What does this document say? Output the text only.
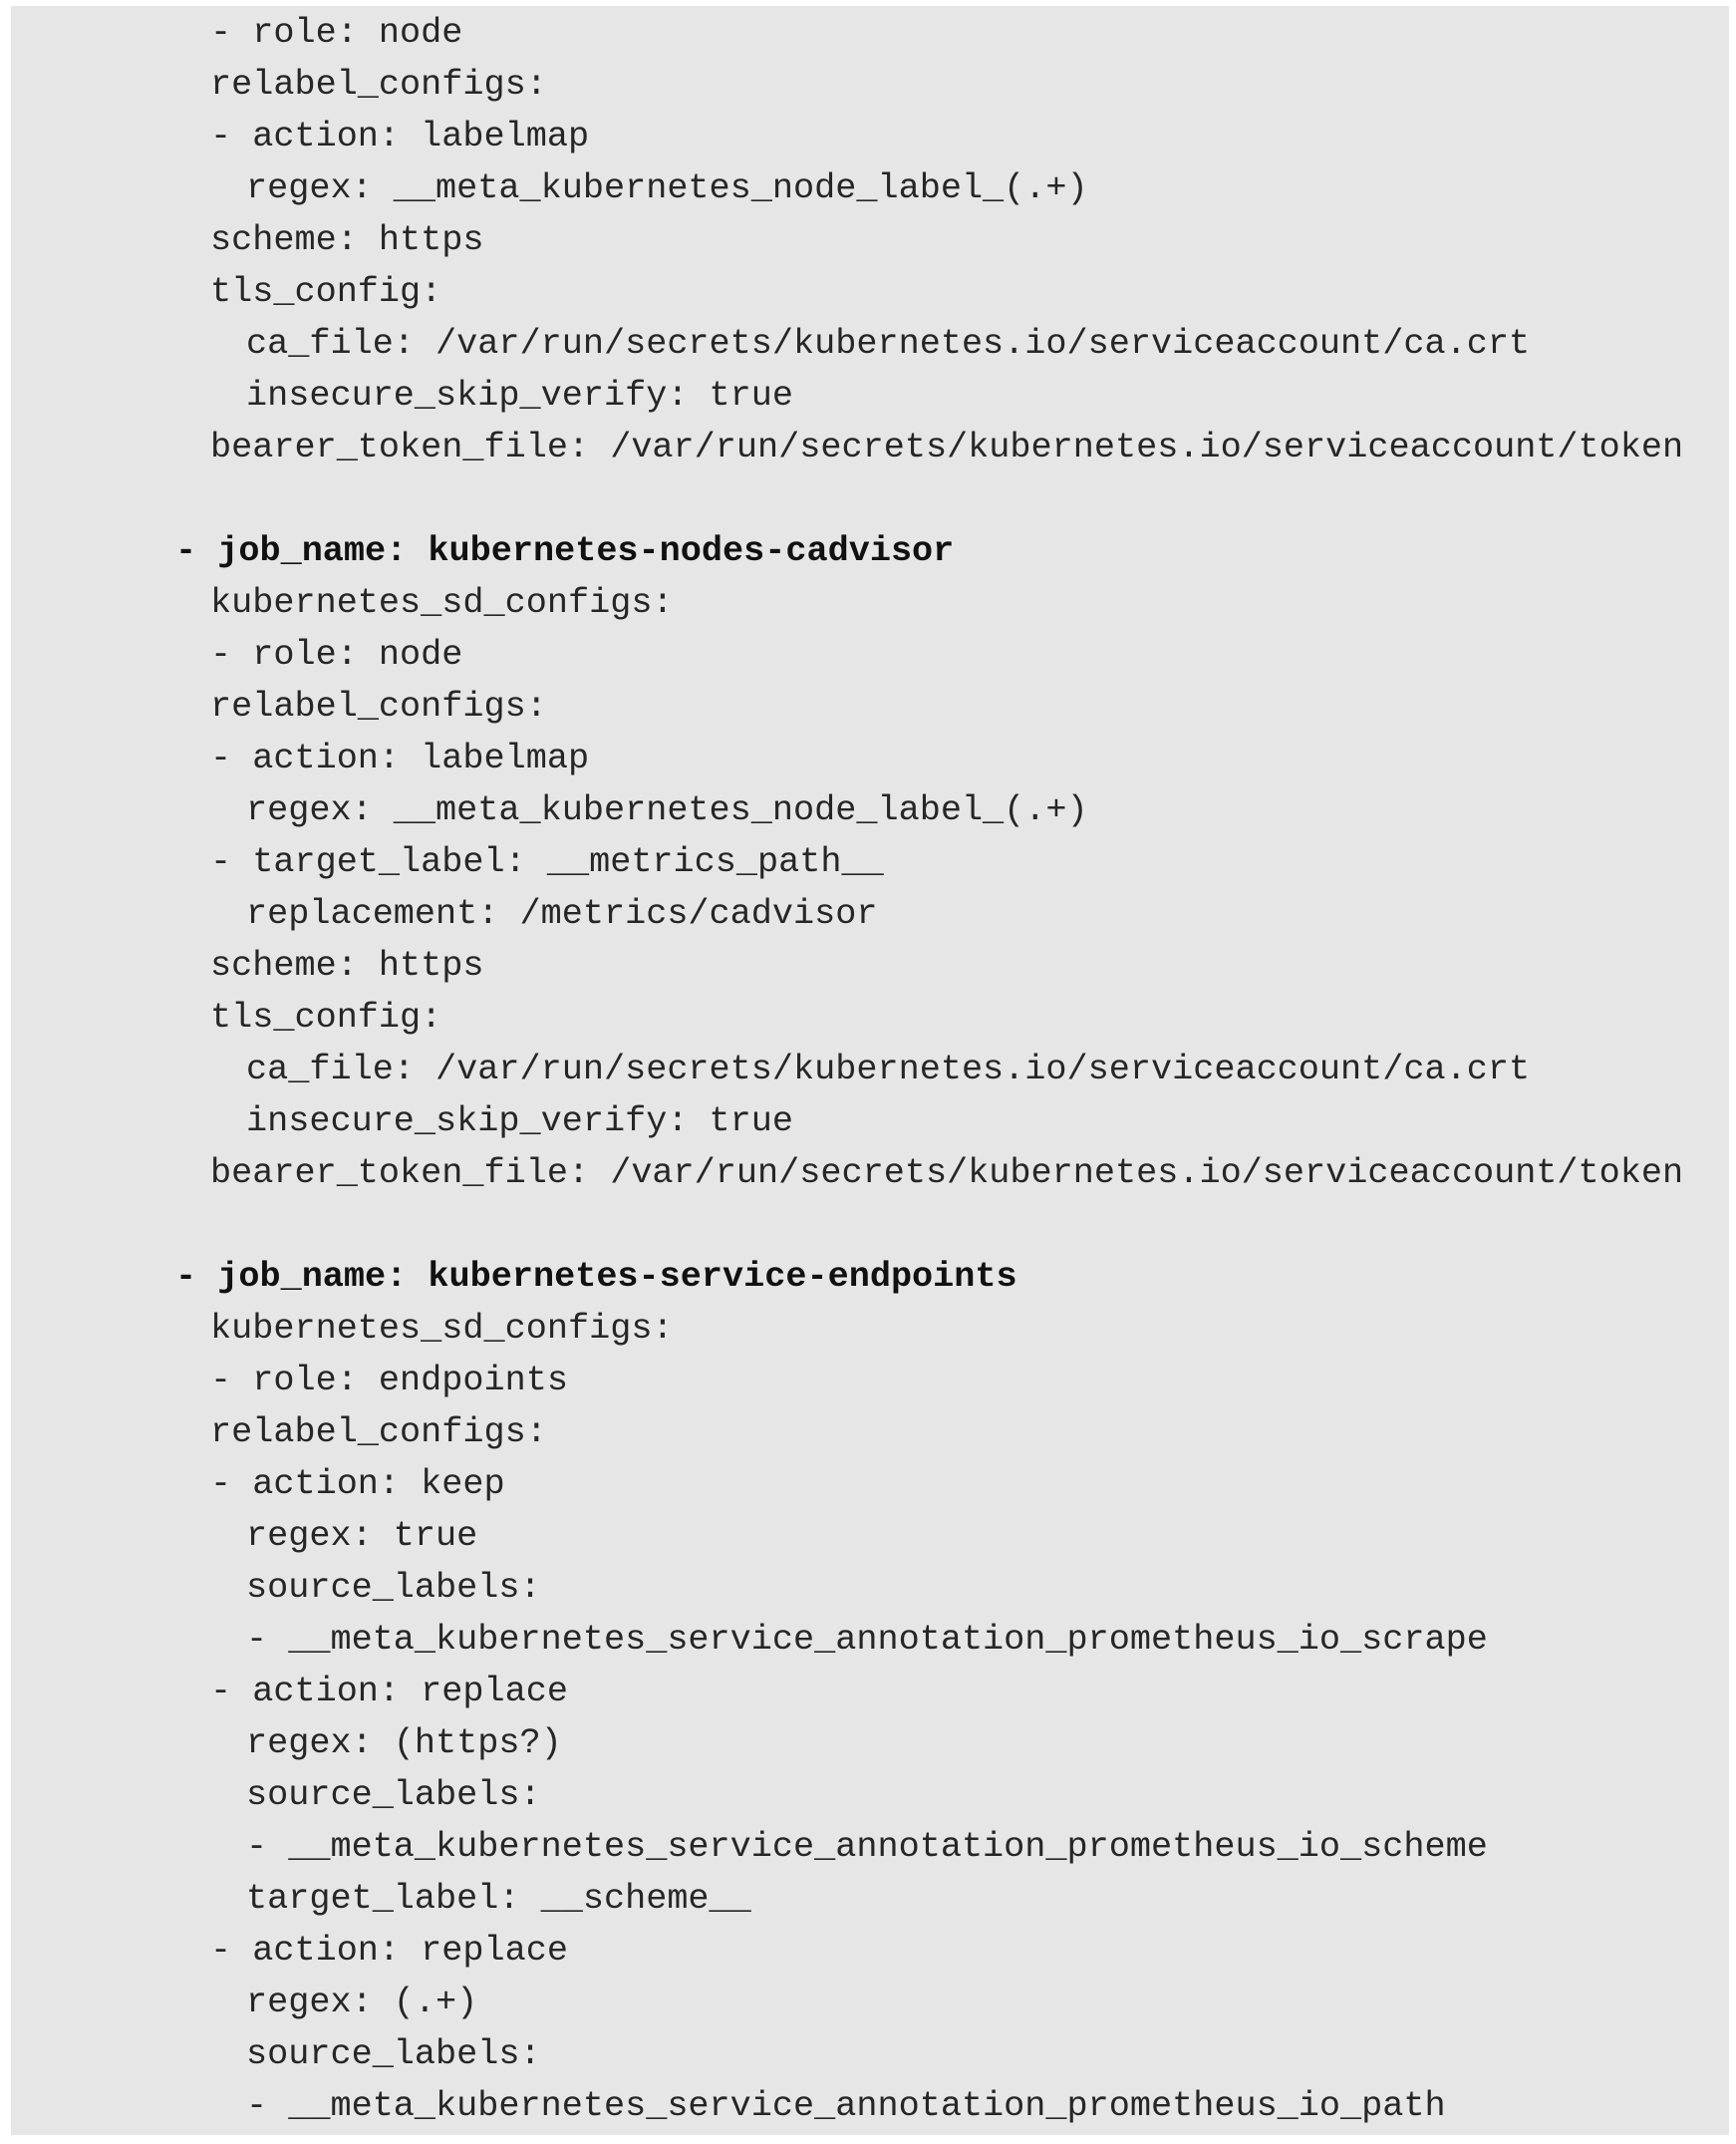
- role: node
relabel_configs:
- action: labelmap
regex: __meta_kubernetes_node_label_(.+)
scheme: https
tls_config:
ca_file: /var/run/secrets/kubernetes.io/serviceaccount/ca.crt
insecure_skip_verify: true
bearer_token_file: /var/run/secrets/kubernetes.io/serviceaccount/token
- job_name: kubernetes-nodes-cadvisor
kubernetes_sd_configs:
- role: node
relabel_configs:
- action: labelmap
regex: __meta_kubernetes_node_label_(.+)
- target_label: __metrics_path__
replacement: /metrics/cadvisor
scheme: https
tls_config:
ca_file: /var/run/secrets/kubernetes.io/serviceaccount/ca.crt
insecure_skip_verify: true
bearer_token_file: /var/run/secrets/kubernetes.io/serviceaccount/token
- job_name: kubernetes-service-endpoints
kubernetes_sd_configs:
- role: endpoints
relabel_configs:
- action: keep
regex: true
source_labels:
- __meta_kubernetes_service_annotation_prometheus_io_scrape
- action: replace
regex: (https?)
source_labels:
- __meta_kubernetes_service_annotation_prometheus_io_scheme
target_label: __scheme__
- action: replace
regex: (.+)
source_labels:
- __meta_kubernetes_service_annotation_prometheus_io_path
